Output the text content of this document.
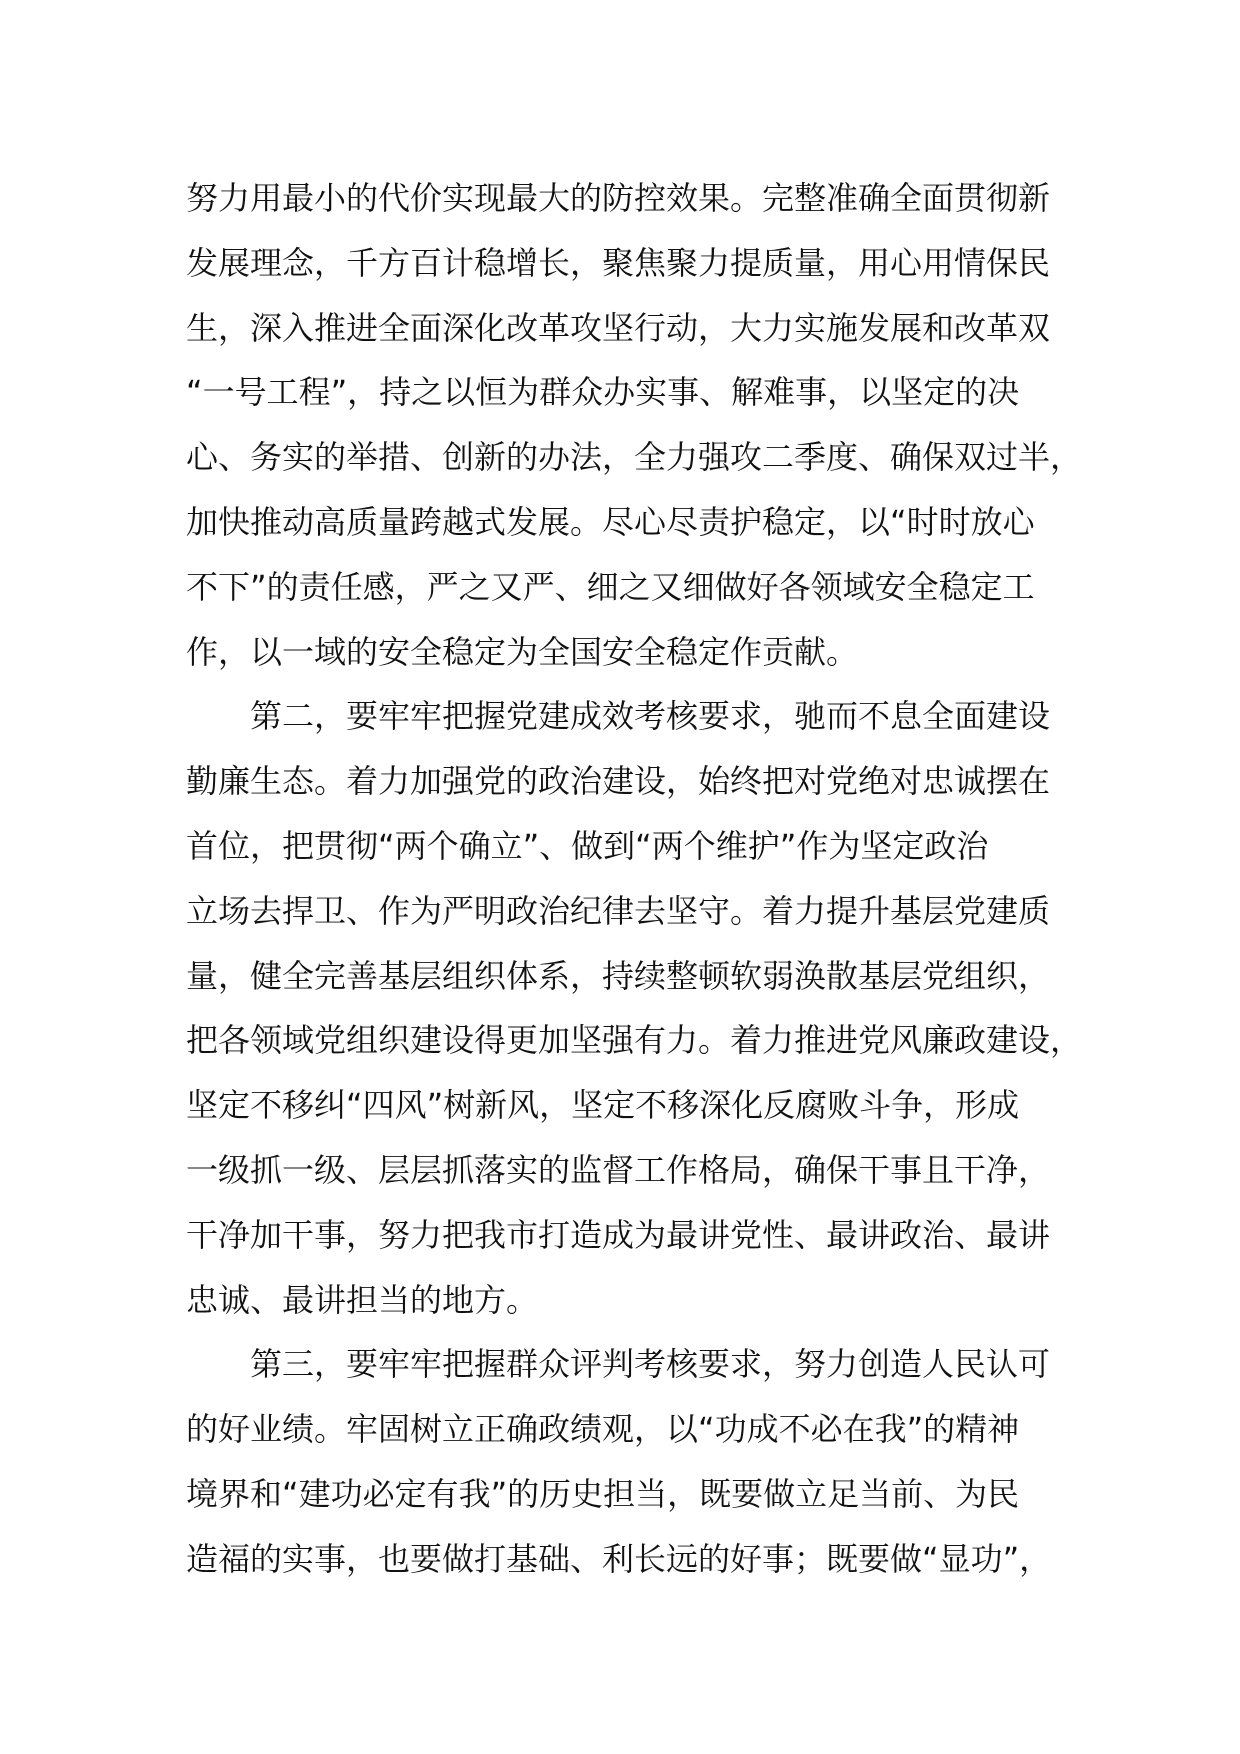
努力用最小的代价实现最大的防控效果。完整准确全面贯彻新
发展理念，千方百计稳增长，聚焦聚力提质量，用心用情保民
生，深入推进全面深化改革攻坚行动，大力实施发展和改革双
“一号工程”，持之以恒为群众办实事、解难事，以坚定的决
心、务实的举措、创新的办法，全力强攻二季度、确保双过半，
加快推动高质量跨越式发展。尽心尽责护稳定，以“时时放心
不下”的责任感，严之又严、细之又细做好各领域安全稳定工
作，以一域的安全稳定为全国安全稳定作贡献。
第二，要牢牢把握党建成效考核要求，驰而不息全面建设
勤廉生态。着力加强党的政治建设，始终把对党绝对忠诚摆在
首位，把贯彻“两个确立”、做到“两个维护”作为坚定政治
立场去捍卫、作为严明政治纪律去坚守。着力提升基层党建质
量，健全完善基层组织体系，持续整顿软弱涣散基层党组织，
把各领域党组织建设得更加坚强有力。着力推进党风廉政建设，
坚定不移纠“四风”树新风，坚定不移深化反腐败斗争，形成
一级抓一级、层层抓落实的监督工作格局，确保干事且干净，
干净加干事，努力把我市打造成为最讲党性、最讲政治、最讲
忠诚、最讲担当的地方。
第三，要牢牢把握群众评判考核要求，努力创造人民认可
的好业绩。牢固树立正确政绩观，以“功成不必在我”的精神
境界和“建功必定有我”的历史担当，既要做立足当前、为民
造福的实事，也要做打基础、利长远的好事；既要做“显功”，
